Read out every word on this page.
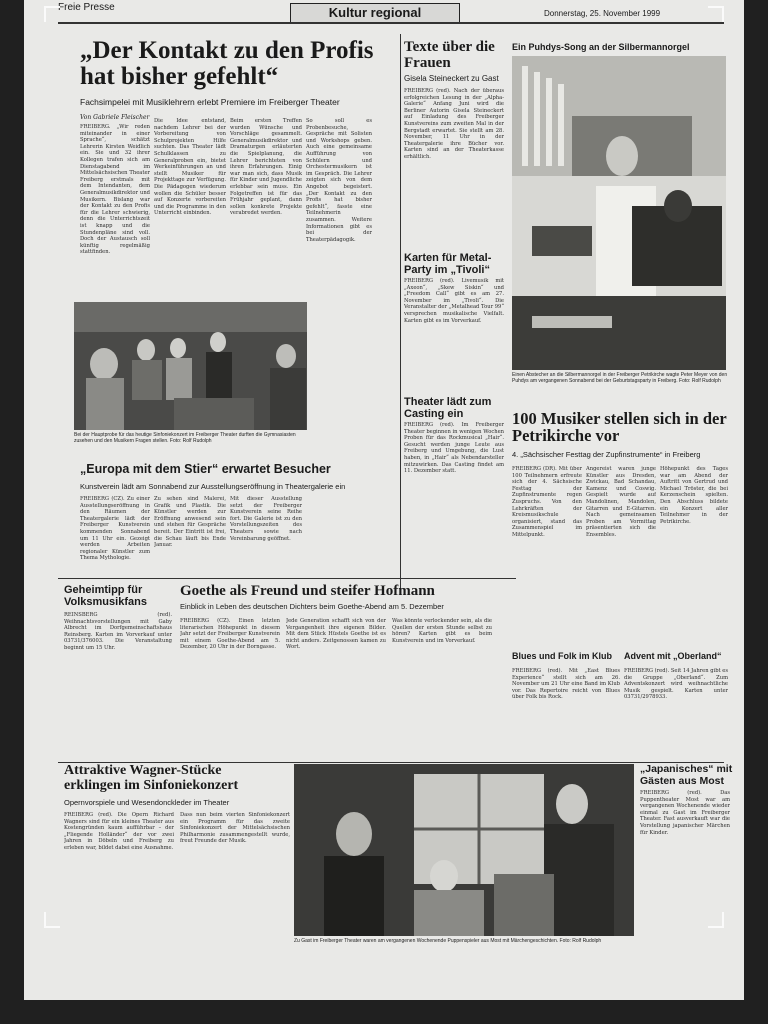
Freie Presse	Kultur regional	Donnerstag, 25. November 1999
„Der Kontakt zu den Profis hat bisher gefehlt“
Fachsimpelei mit Musiklehrern erlebt Premiere im Freiberger Theater
Von Gabriele Fleischer
FREIBERG. „Wir reden miteinander in einer Sprache“, schätzt Lehrerin Kirsten Weidlich ein. Sie und 32 ihrer Kollegen trafen sich am Dienstagabend im Mittelsächsischen Theater Freiberg erstmals mit dem Intendanten, dem Generalmusikdirektor und Musikern. Bislang war der Kontakt zu den Profis für die Lehrer schwierig, denn die Unterrichtszeit ist knapp und die Stundenpläne sind voll. Doch der Austausch soll künftig regelmäßig stattfinden.
Die Idee entstand, nachdem Lehrer bei der Vorbereitung von Schulprojekten Hilfe suchten. Das Theater lädt Schulklassen zu Generalproben ein, bietet Werkeinführungen an und stellt Musiker für Projekttage zur Verfügung. Die Pädagogen wiederum wollen die Schüler besser auf Konzerte vorbereiten und die Programme in den Unterricht einbinden.
Beim ersten Treffen wurden Wünsche und Vorschläge gesammelt. Generalmusikdirektor und Dramaturgen erläuterten die Spielplanung, die Lehrer berichteten von ihren Erfahrungen. Einig war man sich, dass Musik für Kinder und Jugendliche erlebbar sein muss. Ein Folgetreffen ist für das Frühjahr geplant, dann sollen konkrete Projekte verabredet werden.
So soll es Probenbesuche, Gespräche mit Solisten und Workshops geben. Auch eine gemeinsame Aufführung von Schülern und Orchestermusikern ist im Gespräch. Die Lehrer zeigten sich von dem Angebot begeistert. „Der Kontakt zu den Profis hat bisher gefehlt“, fasste eine Teilnehmerin zusammen. Weitere Informationen gibt es bei der Theaterpädagogik.
Bei der Hauptprobe für das heutige Sinfoniekonzert im Freiberger Theater durften die Gymnasiasten zusehen und den Musikern Fragen stellen. Foto: Rolf Rudolph
Texte über die Frauen
Gisela Steineckert zu Gast
FREIBERG (red). Nach der überaus erfolgreichen Lesung in der „Alpha-Galerie“ Anfang Juni wird die Berliner Autorin Gisela Steineckert auf Einladung des Freiberger Kunstvereins zum zweiten Mal in der Bergstadt erwartet. Sie stellt am 28. November, 11 Uhr in der Theatergalerie ihre Bücher vor. Karten sind an der Theaterkasse erhältlich.
Karten für Metal-Party im „Tivoli“
FREIBERG (red). Livemusik mit „Axeon“, „Skew Siskin“ und „Freedom Call“ gibt es am 27. November im „Tivoli“. Die Veranstalter der „Metalhead Tour 99“ versprechen musikalische Vielfalt. Karten gibt es im Vorverkauf.
Theater lädt zum Casting ein
FREIBERG (red). Im Freiberger Theater beginnen in wenigen Wochen Proben für das Rockmusical „Hair“. Gesucht werden junge Leute aus Freiberg und Umgebung, die Lust haben, in „Hair“ als Nebendarsteller mitzuwirken. Das Casting findet am 11. Dezember statt.
Ein Puhdys-Song an der Silbermannorgel
Einen Abstecher an die Silbermannorgel in der Freiberger Petrikirche wagte Peter Meyer von den Puhdys am vergangenen Sonnabend bei der Geburtstagsparty in Freiberg. Foto: Rolf Rudolph
100 Musiker stellen sich in der Petrikirche vor
4. „Sächsischer Festtag der Zupfinstrumente“ in Freiberg
FREIBERG (DR). Mit über 100 Teilnehmern erfreute sich der 4. Sächsische Festtag der Zupfinstrumente regen Zuspruchs. Von den Lehrkräften der Kreismusikschule organisiert, stand das Zusammenspiel im Mittelpunkt.
Angereist waren junge Künstler aus Dresden, Zwickau, Bad Schandau, Kamenz und Coswig. Gespielt wurde auf Mandolinen, Mandolen, Gitarren und E-Gitarren. Nach gemeinsamen Proben am Vormittag präsentierten sich die Ensembles.
Höhepunkt des Tages war am Abend der Auftritt von Gertrud und Michael Tröster, die bei Kerzenschein spielten. Den Abschluss bildete ein Konzert aller Teilnehmer in der Petrikirche.
„Europa mit dem Stier“ erwartet Besucher
Kunstverein lädt am Sonnabend zur Ausstellungseröffnung in Theatergalerie ein
FREIBERG (CZ). Zu einer Ausstellungseröffnung in den Räumen der Theatergalerie lädt der Freiberger Kunstverein kommenden Sonnabend um 11 Uhr ein. Gezeigt werden Arbeiten regionaler Künstler zum Thema Mythologie.
Zu sehen sind Malerei, Grafik und Plastik. Die Künstler werden zur Eröffnung anwesend sein und stehen für Gespräche bereit. Der Eintritt ist frei, die Schau läuft bis Ende Januar.
Mit dieser Ausstellung setzt der Freiberger Kunstverein seine Reihe fort. Die Galerie ist zu den Vorstellungszeiten des Theaters sowie nach Vereinbarung geöffnet.
Geheimtipp für Volksmusikfans
REINSBERG (red). Weihnachtsvorstellungen mit Gaby Albrecht im Dorfgemeinschaftshaus Reinsberg. Karten im Vorverkauf unter 03731/376003. Die Veranstaltung beginnt um 15 Uhr.
Goethe als Freund und steifer Hofmann
Einblick in Leben des deutschen Dichters beim Goethe-Abend am 5. Dezember
FREIBERG (CZ). Einen letzten literarischen Höhepunkt in diesem Jahr setzt der Freiberger Kunstverein mit einem Goethe-Abend am 5. Dezember, 20 Uhr in der Borngasse.
Jede Generation schafft sich von der Vergangenheit ihre eigenen Bilder. Mit dem Stück Hüstels Goethe ist es nicht anders. Zeitgenossen kamen zu Wort.
Was könnte verlockender sein, als die Quellen der ersten Stunde selbst zu hören? Karten gibt es beim Kunstverein und im Vorverkauf.
Blues und Folk im Klub
FREIBERG (red). Mit „East Blues Experience“ stellt sich am 26. November um 21 Uhr eine Band im Klub vor. Das Repertoire reicht von Blues über Folk bis Rock.
Advent mit „Oberland“
FREIBERG (red). Seit 14 Jahren gibt es die Gruppe „Oberland“. Zum Adventskonzert wird weihnachtliche Musik gespielt. Karten unter 03731/2978933.
Attraktive Wagner-Stücke erklingen im Sinfoniekonzert
Opernvorspiele und Wesendonckleder im Theater
FREIBERG (red). Die Opern Richard Wagners sind für ein kleines Theater aus Kostengründen kaum aufführbar – der „Fliegende Holländer“ der vor zwei Jahren in Döbeln und Freiberg zu erleben war, bildet dabei eine Ausnahme.
Dass nun beim vierten Sinfoniekonzert ein Programm für das zweite Sinfoniekonzert der Mittelsächsischen Philharmonie zusammengestellt wurde, freut Freunde der Musik.
Zu Gast im Freiberger Theater waren am vergangenen Wochenende Puppenspieler aus Most mit Märchengeschichten. Foto: Rolf Rudolph
„Japanisches“ mit Gästen aus Most
FREIBERG (red). Das Puppentheater Most war am vergangenen Wochenende wieder einmal zu Gast im Freiberger Theater. Fast ausverkauft war die Vorstellung japanischer Märchen für Kinder.
